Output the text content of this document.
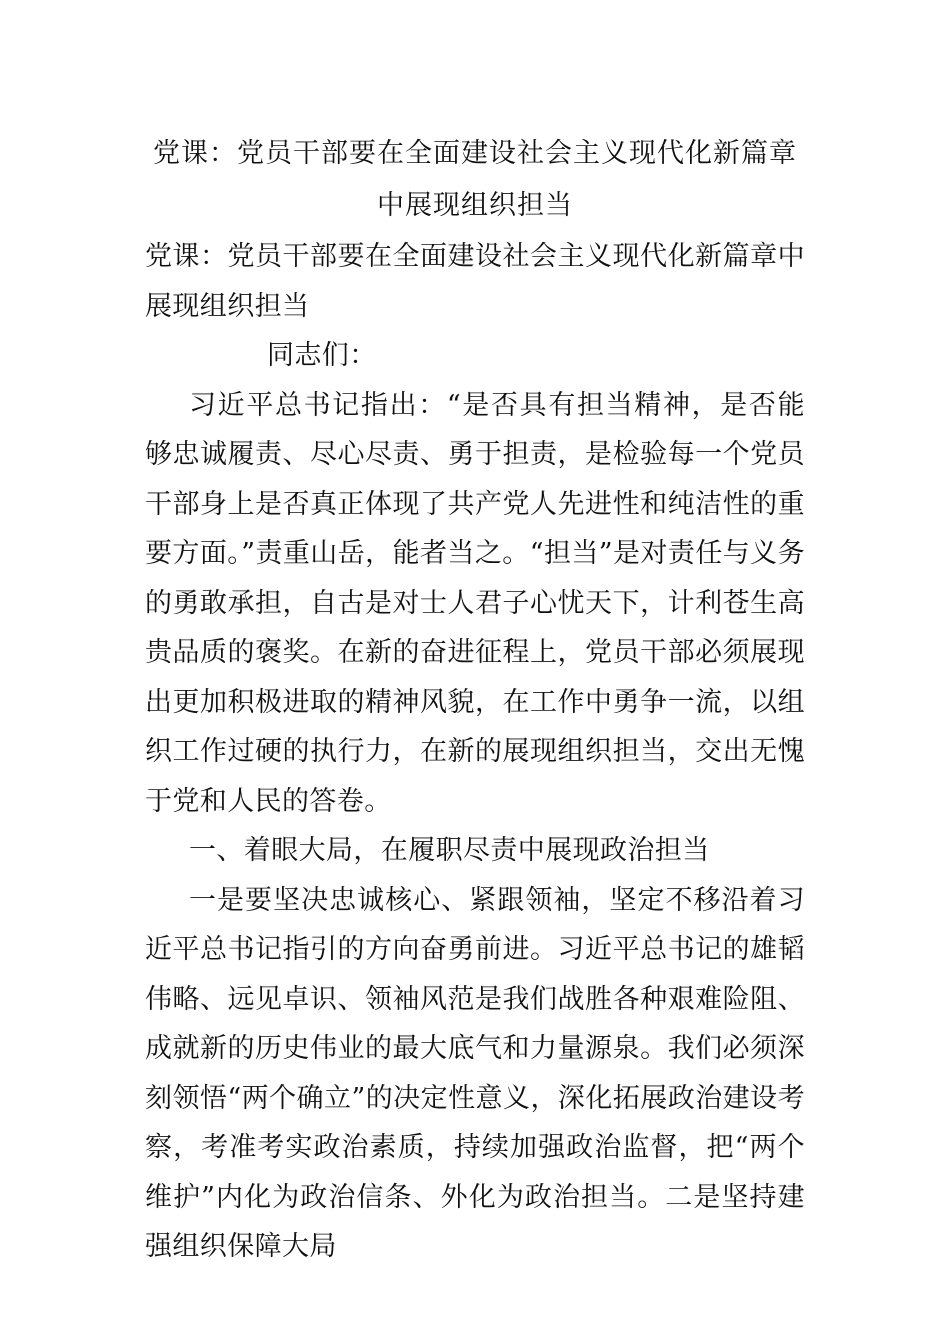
党课：党员干部要在全面建设社会主义现代化新篇章中展现组织担当

党课：党员干部要在全面建设社会主义现代化新篇章中展现组织担当

同志们：

习近平总书记指出：“是否具有担当精神，是否能够忠诚履责、尽心尽责、勇于担责，是检验每一个党员干部身上是否真正体现了共产党人先进性和纯洁性的重要方面。”责重山岳，能者当之。“担当”是对责任与义务的勇敢承担，自古是对士人君子心忧天下，计利苍生高贵品质的褒奖。在新的奋进征程上，党员干部必须展现出更加积极进取的精神风貌，在工作中勇争一流，以组织工作过硬的执行力，在新的展现组织担当，交出无愧于党和人民的答卷。

一、着眼大局，在履职尽责中展现政治担当

一是要坚决忠诚核心、紧跟领袖，坚定不移沿着习近平总书记指引的方向奋勇前进。习近平总书记的雄韬伟略、远见卓识、领袖风范是我们战胜各种艰难险阻、成就新的历史伟业的最大底气和力量源泉。我们必须深刻领悟“两个确立”的决定性意义，深化拓展政治建设考察，考准考实政治素质，持续加强政治监督，把“两个维护”内化为政治信条、外化为政治担当。二是坚持建强组织保障大局
